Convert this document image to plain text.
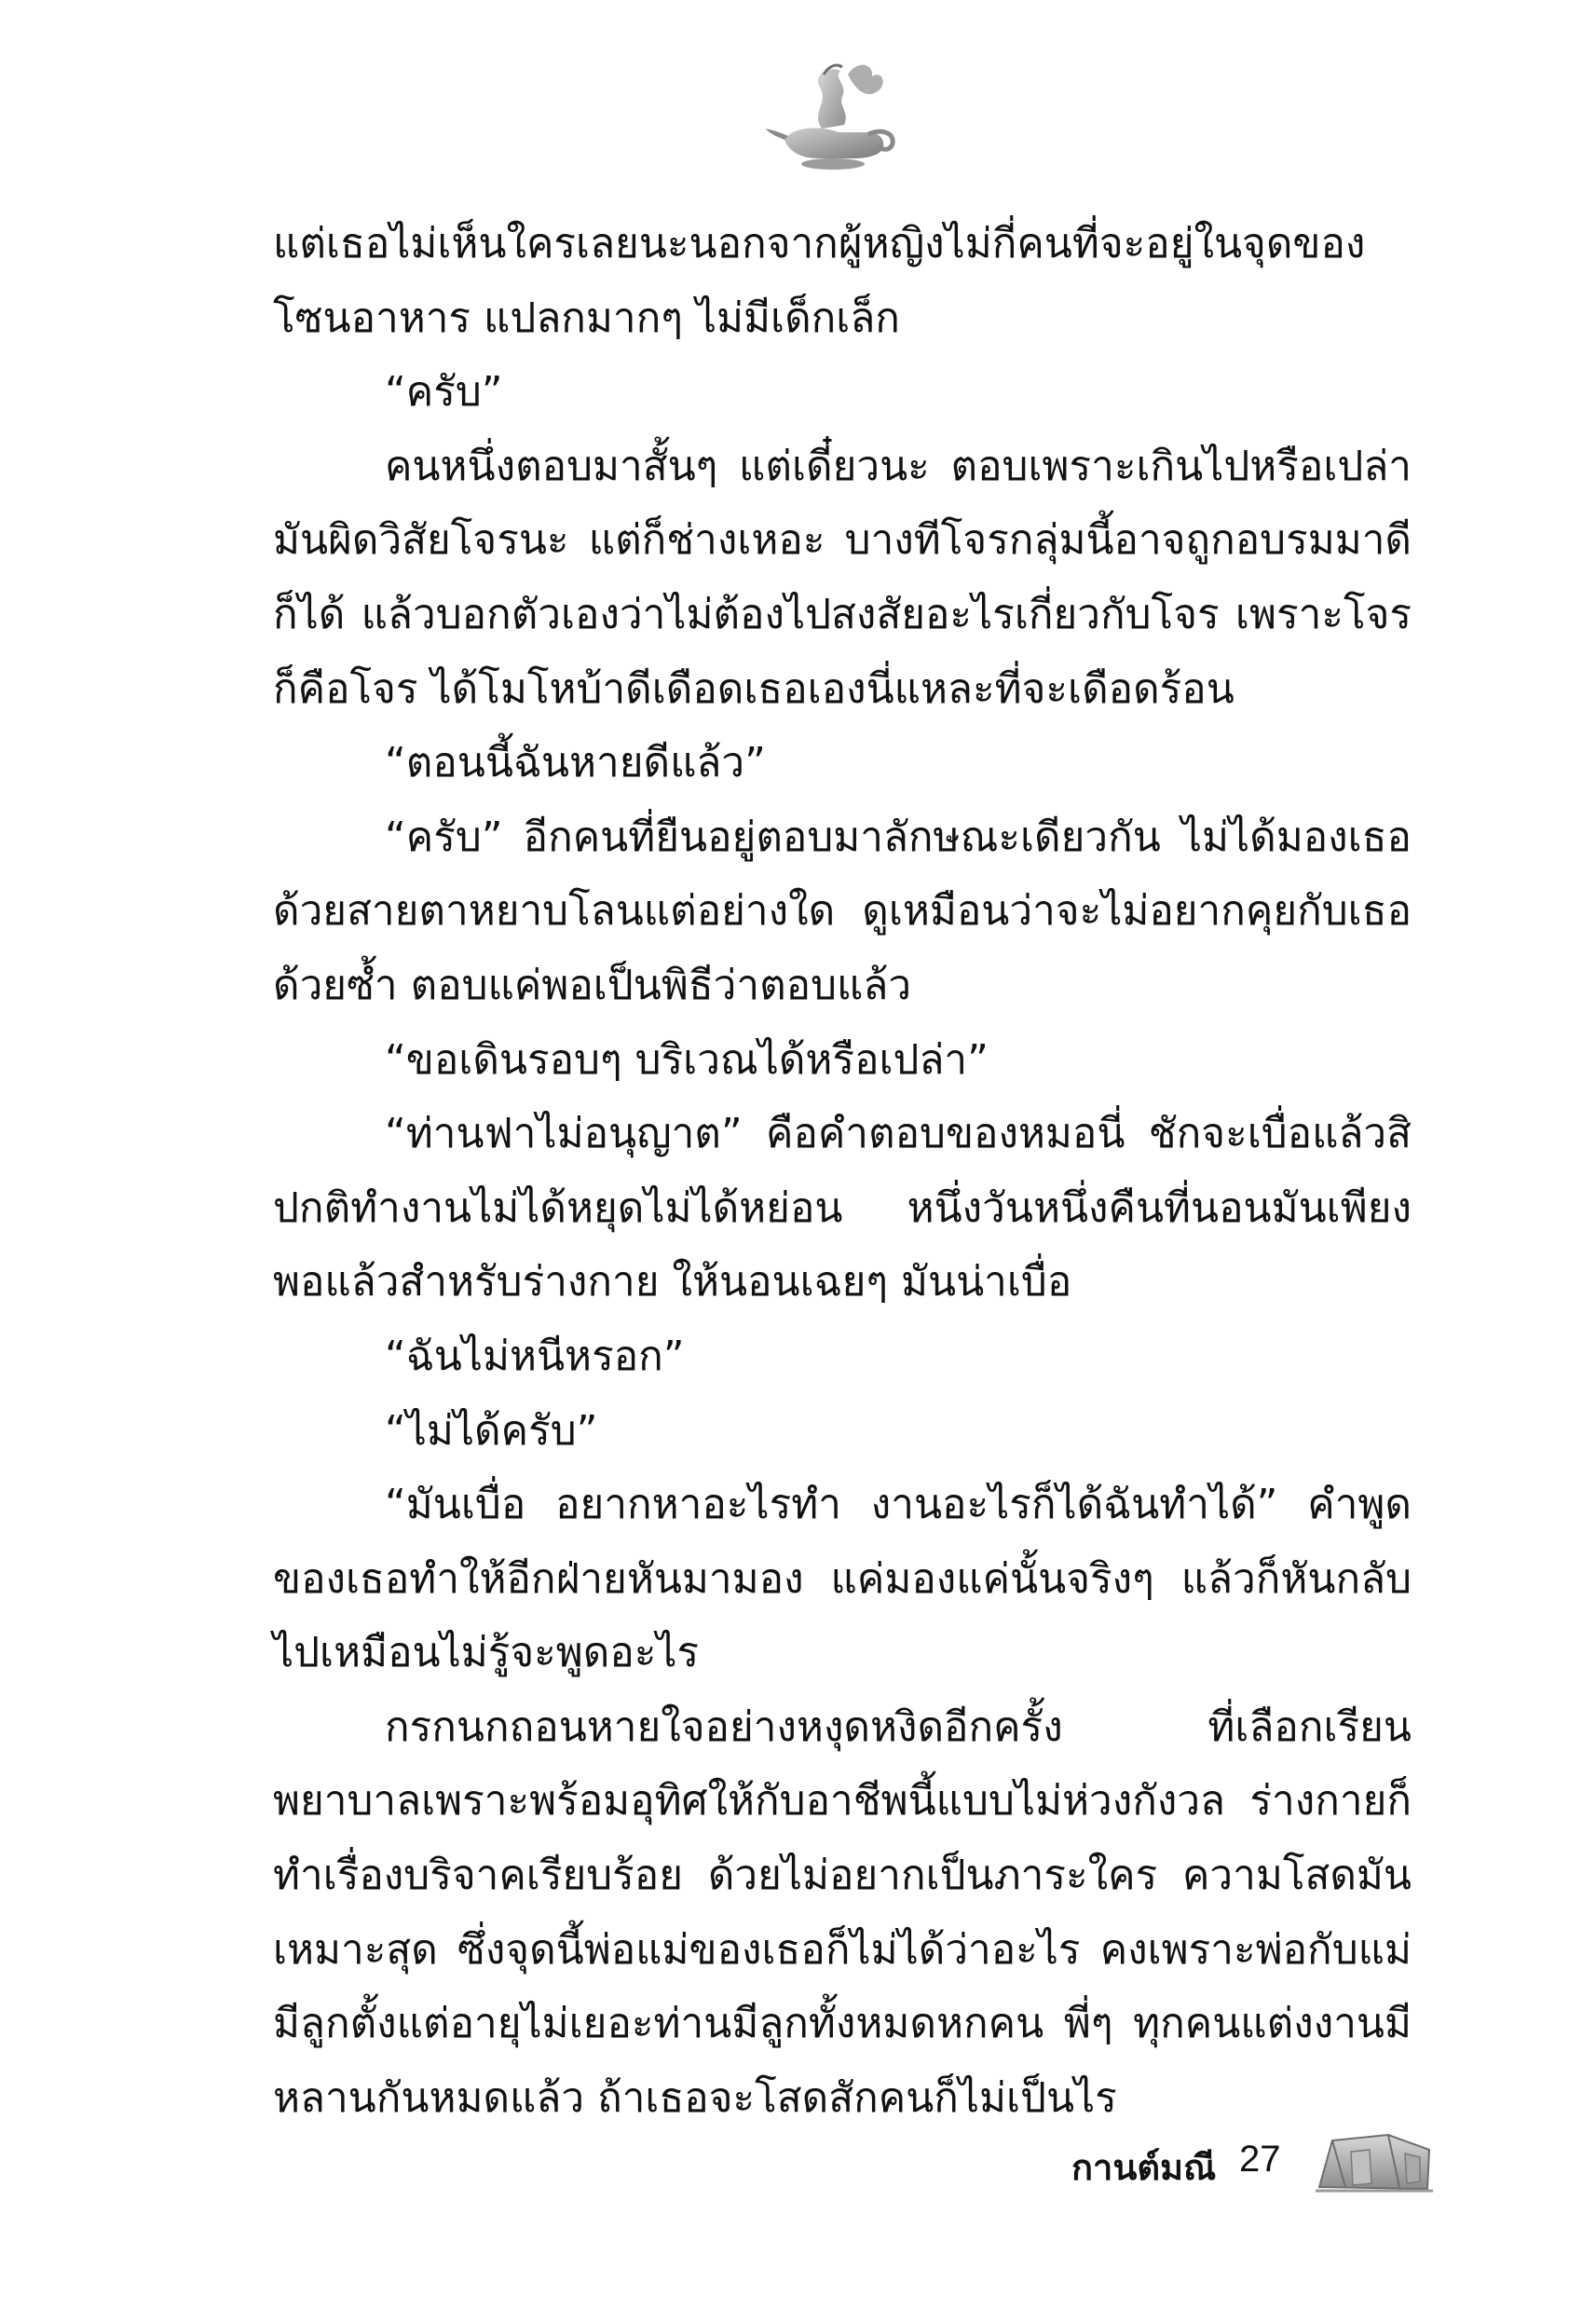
แต่เธอไม่เห็นใครเลยนะนอกจากผู้หญิงไม่กี่คนที่จะอยู่ในจุดของโซนอาหาร แปลกมากๆ ไม่มีเด็กเล็ก

“ครับ”

คนหนึ่งตอบมาสั้นๆ แต่เดี๋ยวนะ ตอบเพราะเกินไปหรือเปล่า มันผิดวิสัยโจรนะ แต่ก็ช่างเหอะ บางทีโจรกลุ่มนี้อาจถูกอบรมมาดีก็ได้ แล้วบอกตัวเองว่าไม่ต้องไปสงสัยอะไรเกี่ยวกับโจร เพราะโจรก็คือโจร ได้โมโหบ้าดีเดือดเธอเองนี่แหละที่จะเดือดร้อน

“ตอนนี้ฉันหายดีแล้ว”

“ครับ” อีกคนที่ยืนอยู่ตอบมาลักษณะเดียวกัน ไม่ได้มองเธอด้วยสายตาหยาบโลนแต่อย่างใด ดูเหมือนว่าจะไม่อยากคุยกับเธอด้วยซ้ำ ตอบแค่พอเป็นพิธีว่าตอบแล้ว

“ขอเดินรอบๆ บริเวณได้หรือเปล่า”

“ท่านฟาไม่อนุญาต” คือคำตอบของหมอนี่ ชักจะเบื่อแล้วสิ ปกติทำงานไม่ได้หยุดไม่ได้หย่อน หนึ่งวันหนึ่งคืนที่นอนมันเพียงพอแล้วสำหรับร่างกาย ให้นอนเฉยๆ มันน่าเบื่อ

“ฉันไม่หนีหรอก”

“ไม่ได้ครับ”

“มันเบื่อ อยากหาอะไรทำ งานอะไรก็ได้ฉันทำได้” คำพูดของเธอทำให้อีกฝ่ายหันมามอง แค่มองแค่นั้นจริงๆ แล้วก็หันกลับไปเหมือนไม่รู้จะพูดอะไร

กรกนกถอนหายใจอย่างหงุดหงิดอีกครั้ง ที่เลือกเรียนพยาบาลเพราะพร้อมอุทิศให้กับอาชีพนี้แบบไม่ห่วงกังวล ร่างกายก็ทำเรื่องบริจาคเรียบร้อย ด้วยไม่อยากเป็นภาระใคร ความโสดมันเหมาะสุด ซึ่งจุดนี้พ่อแม่ของเธอก็ไม่ได้ว่าอะไร คงเพราะพ่อกับแม่มีลูกตั้งแต่อายุไม่เยอะท่านมีลูกทั้งหมดหกคน พี่ๆ ทุกคนแต่งงานมีหลานกันหมดแล้ว ถ้าเธอจะโสดสักคนก็ไม่เป็นไร

กานต์มณี 27
